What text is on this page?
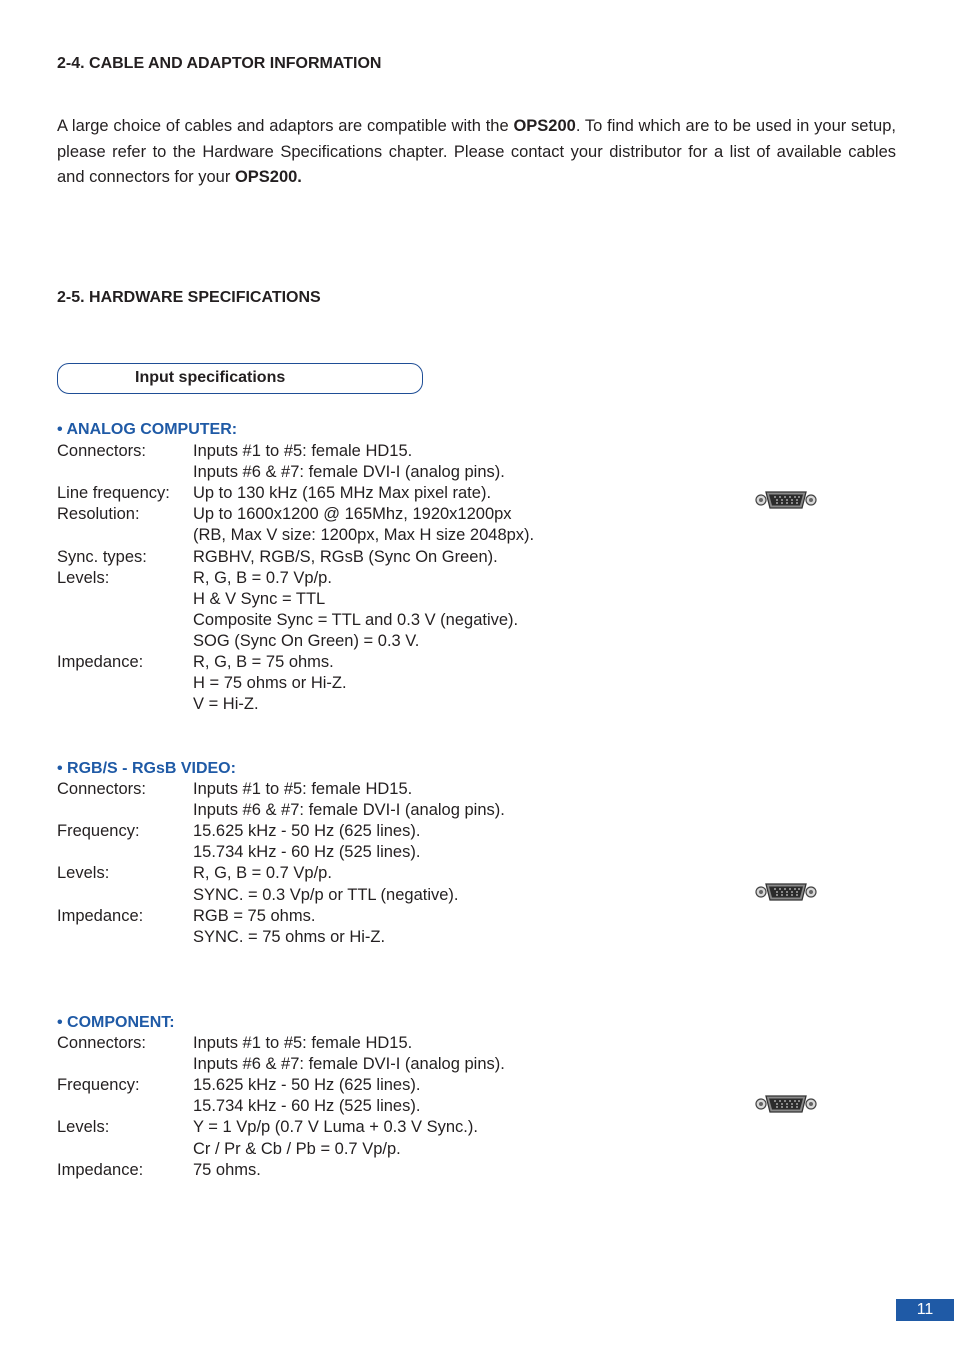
2-4. CABLE AND ADAPTOR INFORMATION
A large choice of cables and adaptors are compatible with the OPS200. To find which are to be used in your setup, please refer to the Hardware Specifications chapter. Please contact your distributor for a list of available cables and connectors for your OPS200.
2-5. HARDWARE SPECIFICATIONS
Input specifications
• ANALOG COMPUTER:
Connectors:	Inputs #1 to #5: female HD15.
Inputs #6 & #7: female DVI-I (analog pins).
Line frequency: Up to 130 kHz (165 MHz Max pixel rate).
Resolution:	Up to 1600x1200 @ 165Mhz, 1920x1200px
(RB, Max V size: 1200px, Max H size 2048px).
Sync. types:	RGBHV, RGB/S, RGsB (Sync On Green).
Levels:	R, G, B = 0.7 Vp/p.
H & V Sync = TTL
Composite Sync = TTL and 0.3 V (negative).
SOG (Sync On Green) = 0.3 V.
Impedance:	R, G, B = 75 ohms.
H = 75 ohms or Hi-Z.
V = Hi-Z.
• RGB/S - RGsB VIDEO:
Connectors:	Inputs #1 to #5: female HD15.
Inputs #6 & #7: female DVI-I (analog pins).
Frequency:	15.625 kHz - 50 Hz (625 lines).
15.734 kHz - 60 Hz (525 lines).
Levels:	R, G, B = 0.7 Vp/p.
SYNC. = 0.3 Vp/p or TTL (negative).
Impedance:	RGB = 75 ohms.
SYNC. = 75 ohms or Hi-Z.
• COMPONENT:
Connectors:	Inputs #1 to #5: female HD15.
Inputs #6 & #7: female DVI-I (analog pins).
Frequency:	15.625 kHz - 50 Hz (625 lines).
15.734 kHz - 60 Hz (525 lines).
Levels:	Y = 1 Vp/p (0.7 V Luma + 0.3 V Sync.).
Cr / Pr & Cb / Pb = 0.7 Vp/p.
Impedance:	75 ohms.
11
